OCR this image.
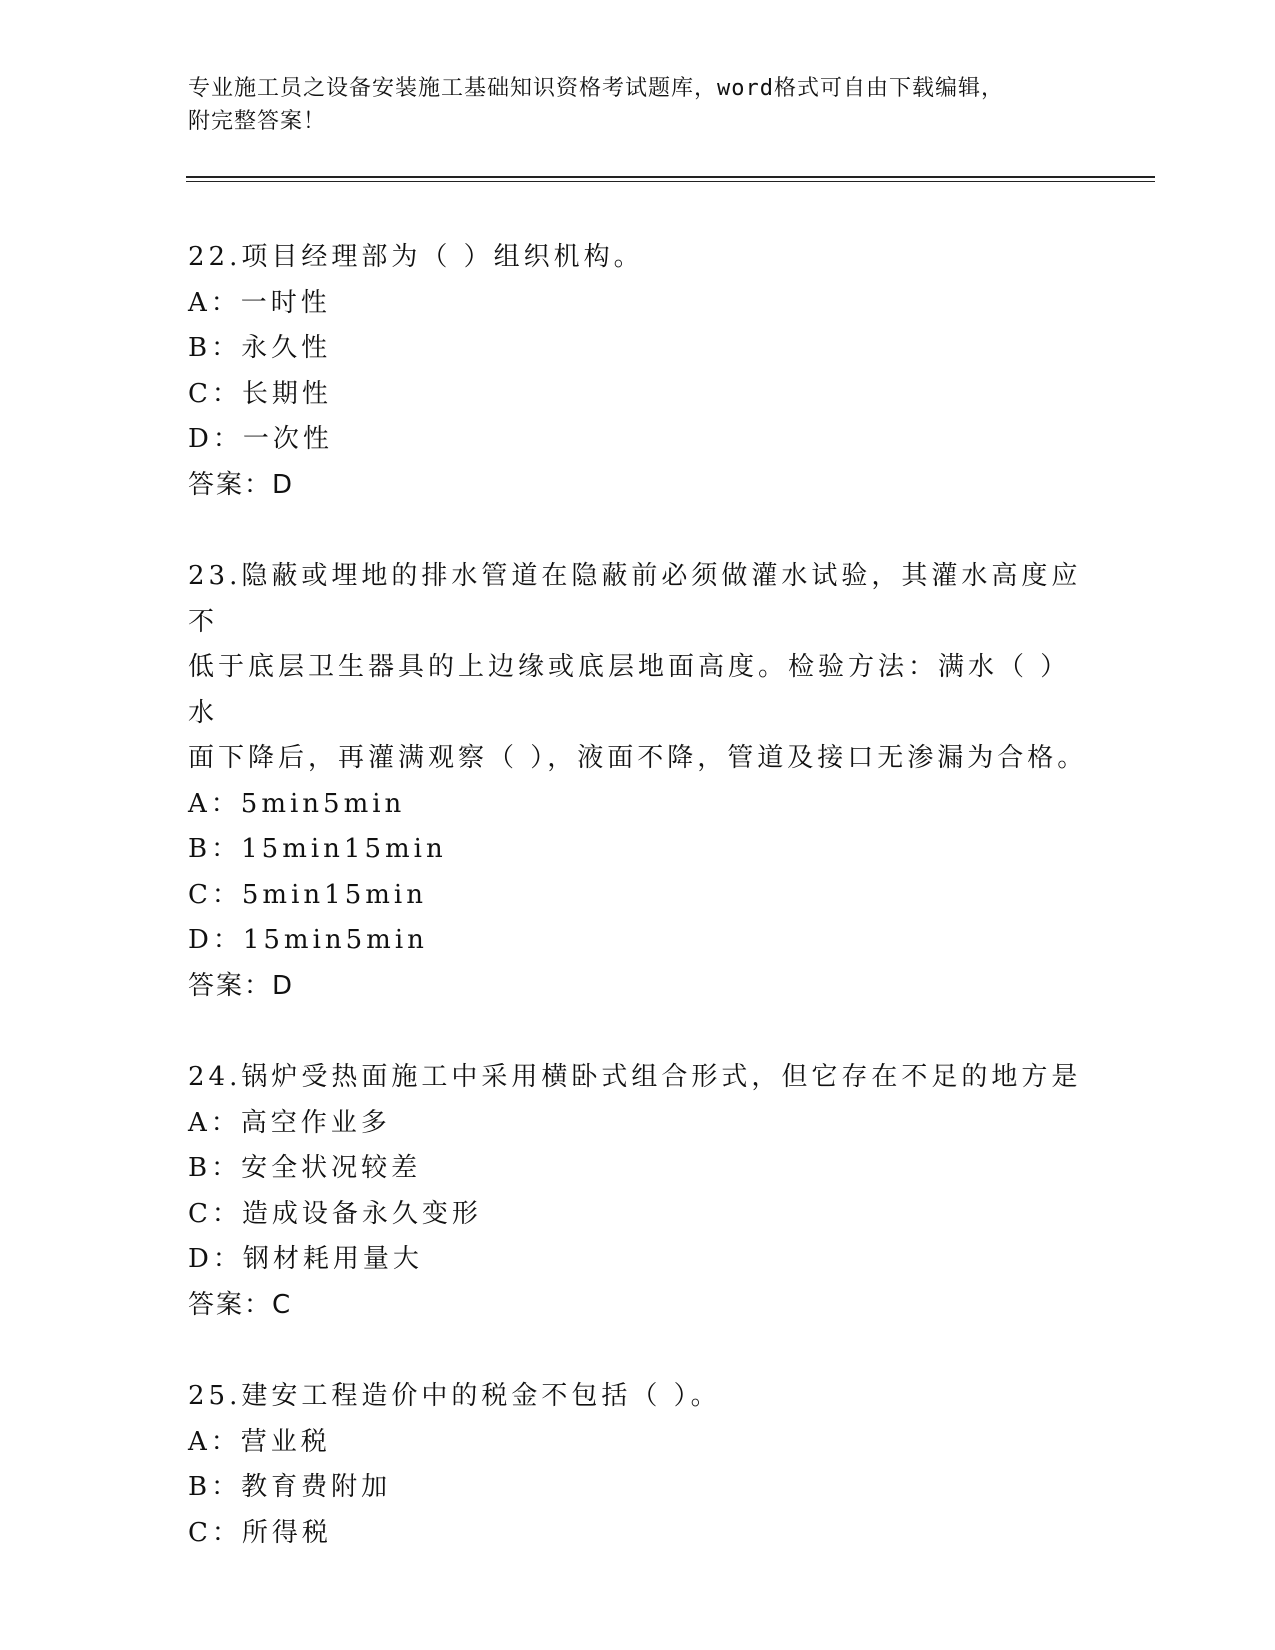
专业施工员之设备安装施工基础知识资格考试题库，word格式可自由下载编辑，
附完整答案！
22.项目经理部为（ ）组织机构。
A：一时性
B：永久性
C：长期性
D：一次性
答案：D
23.隐蔽或埋地的排水管道在隐蔽前必须做灌水试验，其灌水高度应不
低于底层卫生器具的上边缘或底层地面高度。检验方法：满水（ ）水
面下降后，再灌满观察（ ），液面不降，管道及接口无渗漏为合格。
A：5min5min
B：15min15min
C：5min15min
D：15min5min
答案：D
24.锅炉受热面施工中采用横卧式组合形式，但它存在不足的地方是
A：高空作业多
B：安全状况较差
C：造成设备永久变形
D：钢材耗用量大
答案：C
25.建安工程造价中的税金不包括（ ）。
A：营业税
B：教育费附加
C：所得税
